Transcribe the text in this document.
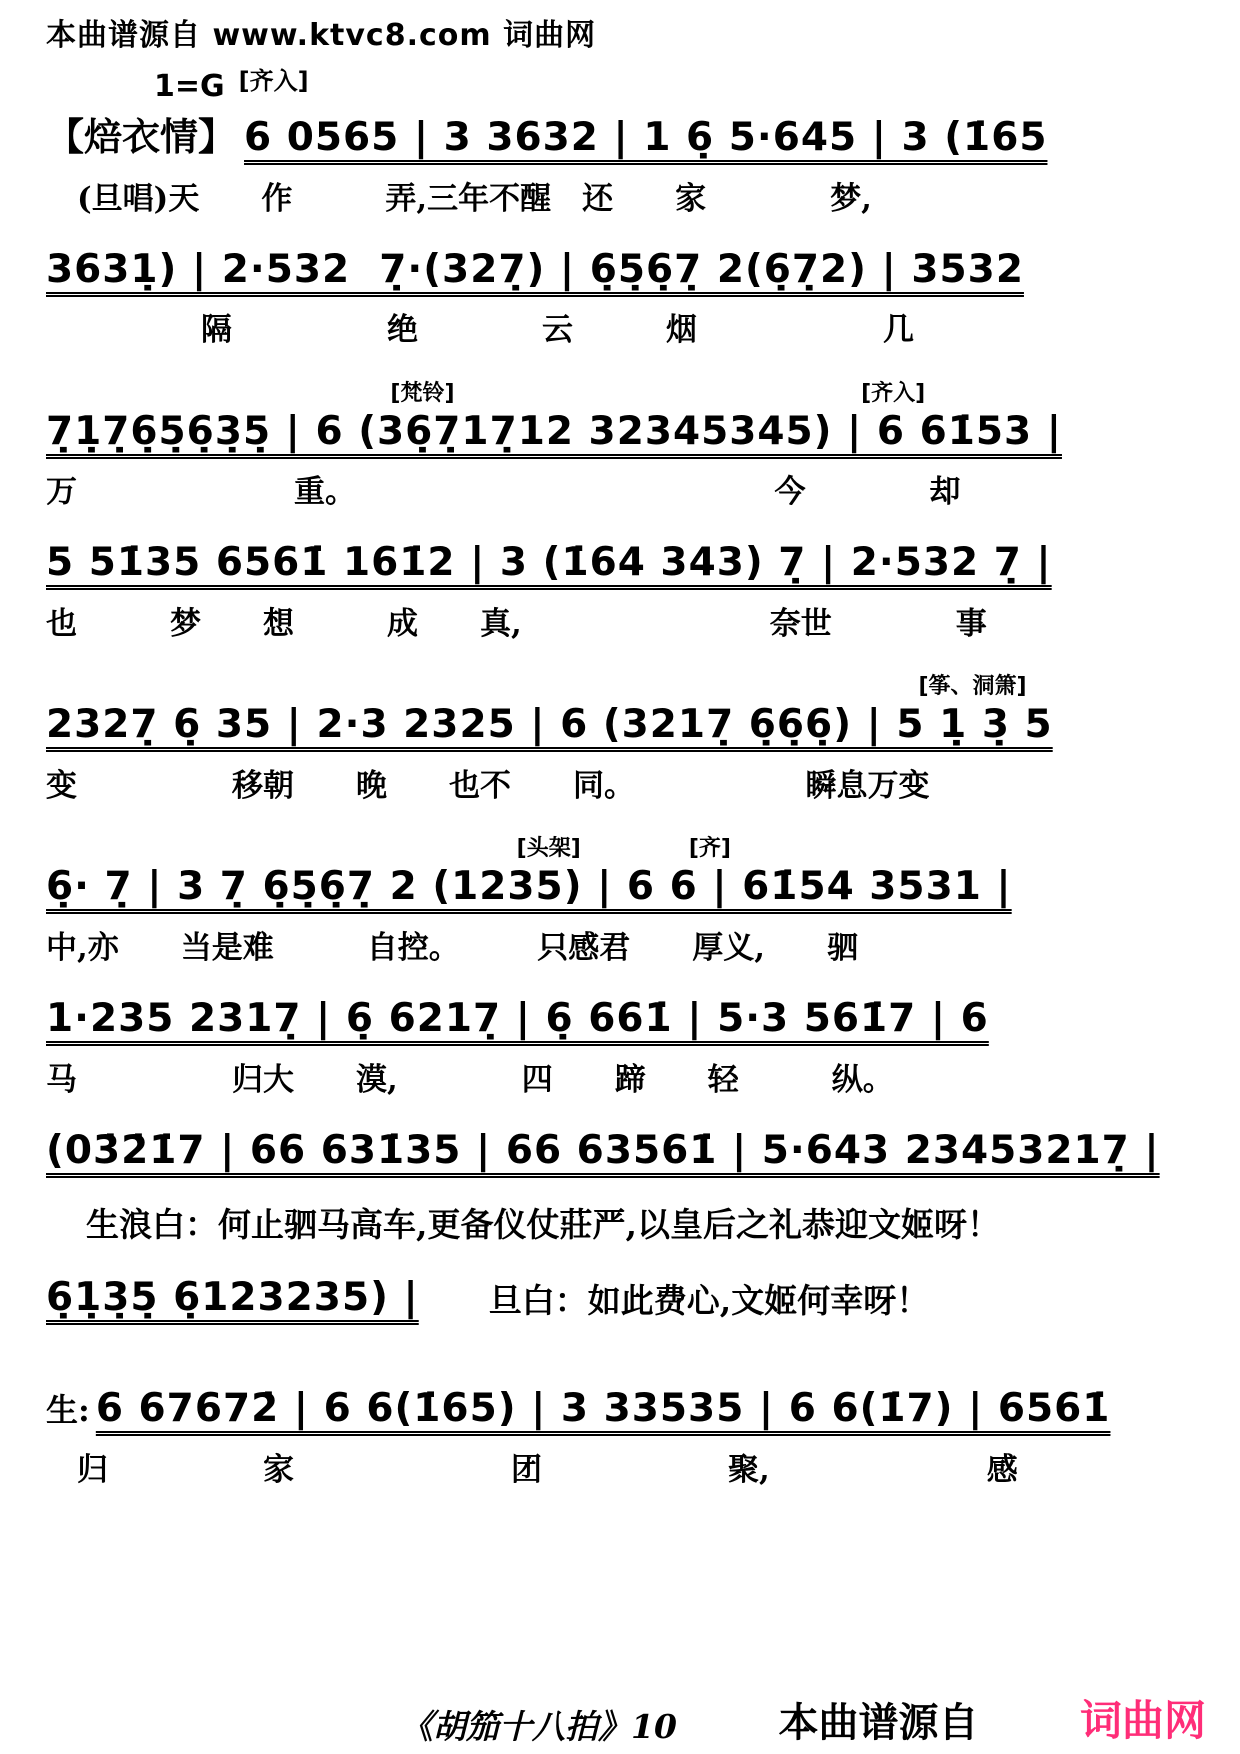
本曲谱源自 www.ktvc8.com 词曲网
1=G [齐入]
【焙衣情】 6 0565 | 3 3632 | 1 6̣ 5·645 | 3 (1̇65
　(旦唱)天　　作　　　弄,三年不醒　还　　家　　　　梦,
3631̣) | 2·532  7̣·(327̣) | 6̣5̣6̣7̣ 2(6̣7̣2) | 3532
　　　　　隔　　　　　绝　　　　云　　　烟　　　　　　几
[梵铃]	[齐入]
7̣1̣7̣6̣5̣6̣3̣5̣ | 6 (36̣7̣17̣12 32345345) | 6 61̇53 |
万　　　　　　　重。　　　　　　　　　　　　　　今　　　　却
5 51̇35 6561̇ 161̇2 | 3 (1̇64 343) 7̣ | 2·532 7̣ |
也　　　梦　　想　　　成　　真,　　　　　　　　奈世　　　　事
[筝、洞箫]
2327̣ 6̣ 35 | 2·3 2325 | 6 (3217̣ 6̣6̣6̣) | 5 1̣ 3̣ 5
变　　　　　移朝　　晚　　也不　　同。　　　　　　瞬息万变
[头架]	[齐]
6̣· 7̣ | 3 7̣ 6̣5̣6̣7̣ 2 (1235) | 6 6 | 61̇54 3531 |
中,亦　　当是难　　　自控。　　　只感君　　厚义,　　驷
1·235 2317̣ | 6̣ 6217̣ | 6̣ 661̇ | 5·3 561̇7 | 6
马　　　　　归大　　漠,　　　　四　　蹄　　轻　　　纵。
(03̇2̇1̇7 | 66 631̇35 | 66 63561̇ | 5·643 23453217̣ |
生浪白：何止驷马高车,更备仪仗莊严,以皇后之礼恭迎文姬呀！
6̣1̣3̣5̣ 6̣123235) | 旦白：如此费心,文姬何幸呀！
生: 6 67672̇ | 6 6(1̇65) | 3 33535 | 6 6(1̇7) | 6561̇
　归　　　　　家　　　　　　　团　　　　　　聚,　　　　　　　感
《胡笳十八拍》10	本曲谱源自 词曲网
